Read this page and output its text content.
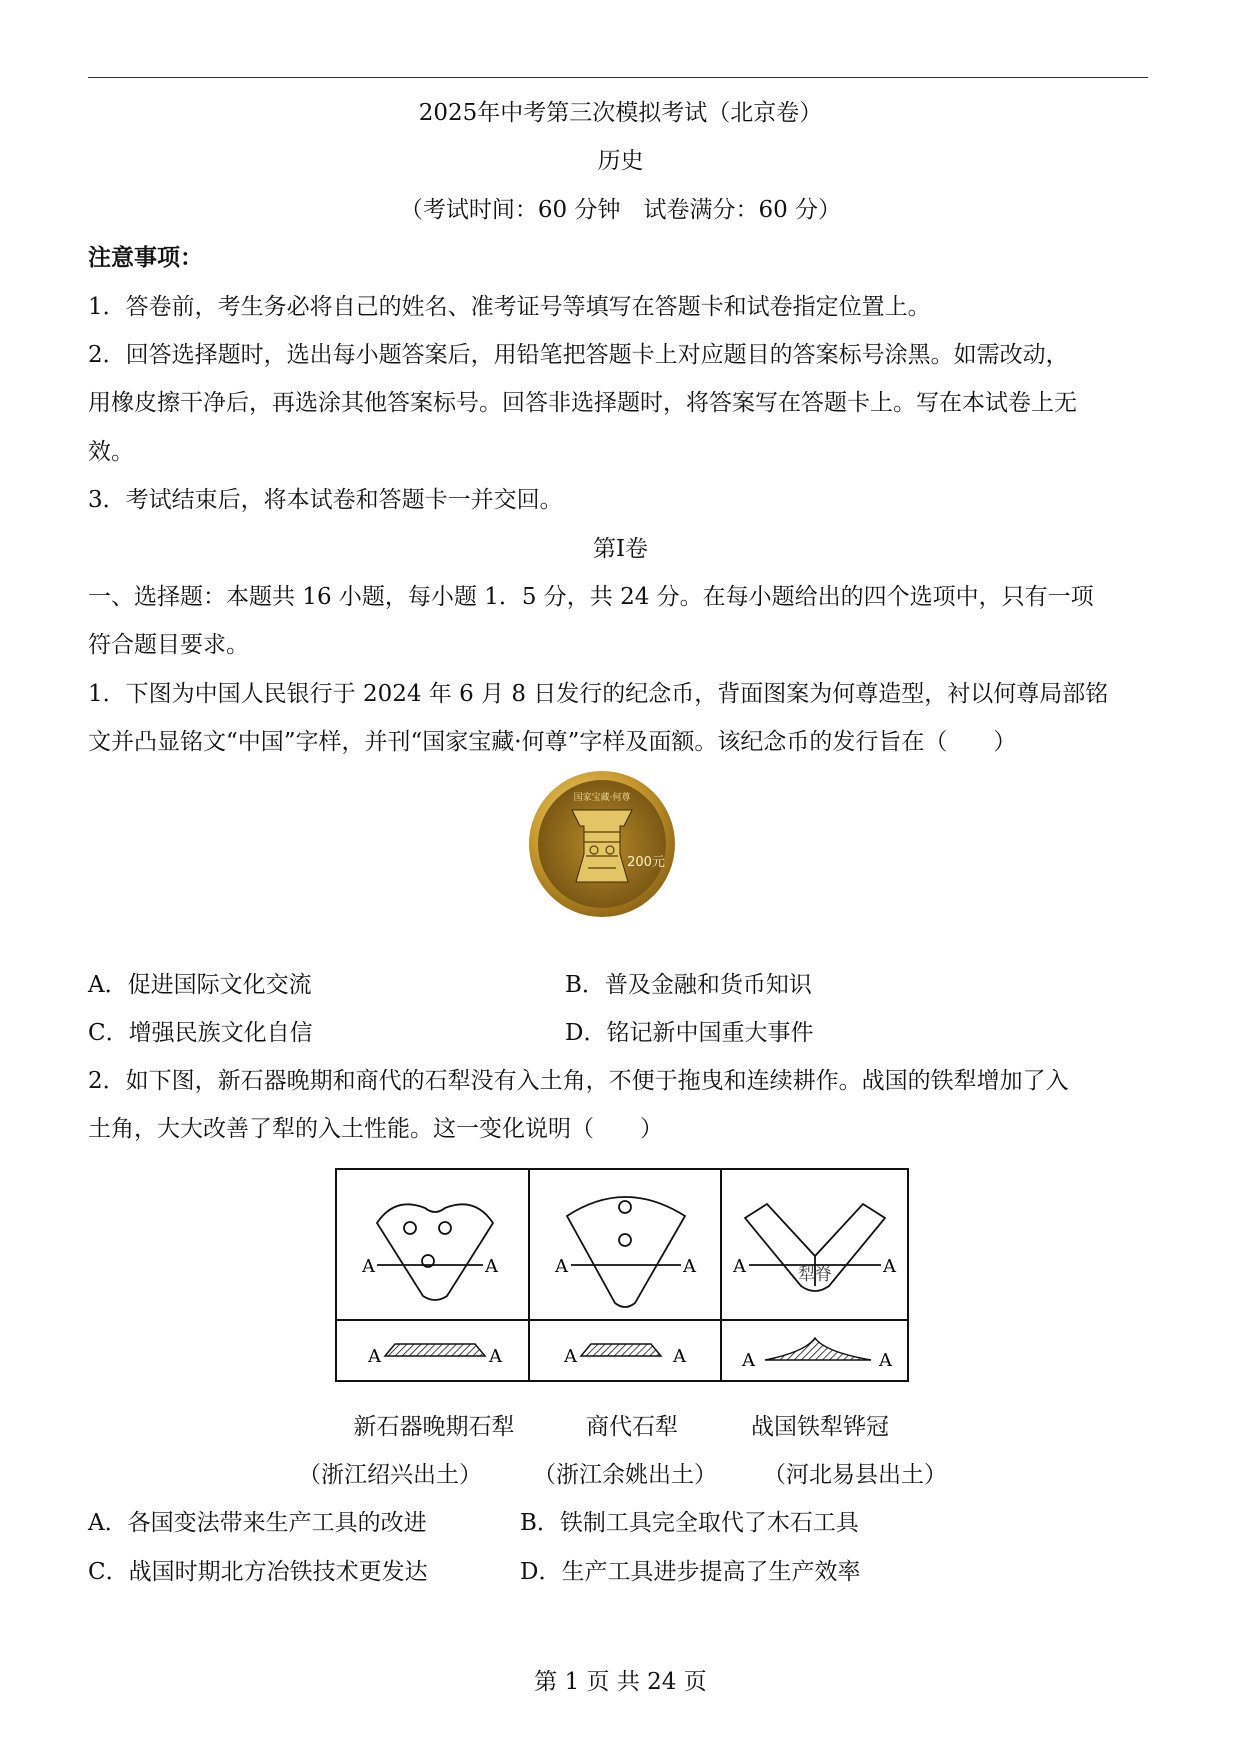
2025年中考第三次模拟考试（北京卷）
历史
（考试时间：60 分钟　试卷满分：60 分）
注意事项：
1．答卷前，考生务必将自己的姓名、准考证号等填写在答题卡和试卷指定位置上。
2．回答选择题时，选出每小题答案后，用铅笔把答题卡上对应题目的答案标号涂黑。如需改动，
用橡皮擦干净后，再选涂其他答案标号。回答非选择题时，将答案写在答题卡上。写在本试卷上无
效。
3．考试结束后，将本试卷和答题卡一并交回。
第Ⅰ卷
一、选择题：本题共 16 小题，每小题 1．5 分，共 24 分。在每小题给出的四个选项中，只有一项
符合题目要求。
1．下图为中国人民银行于 2024 年 6 月 8 日发行的纪念币，背面图案为何尊造型，衬以何尊局部铭
文并凸显铭文“中国”字样，并刊“国家宝藏·何尊”字样及面额。该纪念币的发行旨在（　　）
国家宝藏·何尊
200元
A．促进国际文化交流	B．普及金融和货币知识
C．增强民族文化自信	D．铭记新中国重大事件
2．如下图，新石器晚期和商代的石犁没有入土角，不便于拖曳和连续耕作。战国的铁犁增加了入
土角，大大改善了犁的入土性能。这一变化说明（　　）
A	A	A	A	犁脊
A	A
A	A	A	A	A	A
新石器晚期石犁	商代石犁	战国铁犁铧冠
（浙江绍兴出土）	（浙江余姚出土）	（河北易县出土）
A．各国变法带来生产工具的改进	B．铁制工具完全取代了木石工具
C．战国时期北方冶铁技术更发达	D．生产工具进步提高了生产效率
第 1 页 共 24 页
